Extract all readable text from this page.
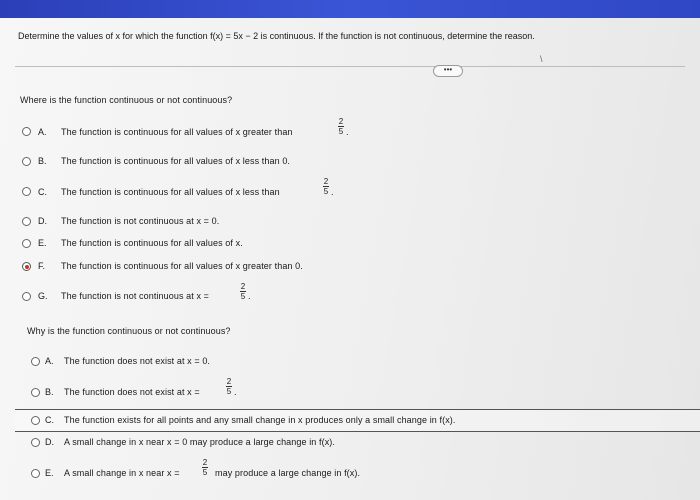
Determine the values of x for which the function f(x) = 5x − 2 is continuous. If the function is not continuous, determine the reason.
•••
\
Where is the function continuous or not continuous?
A. The function is continuous for all values of x greater than
2
5 .
B. The function is continuous for all values of x less than 0.
C. The function is continuous for all values of x less than
2
5 .
D. The function is not continuous at x = 0.
E. The function is continuous for all values of x.
F. The function is continuous for all values of x greater than 0.
G. The function is not continuous at x =
2
5 .
Why is the function continuous or not continuous?
A. The function does not exist at x = 0.
B. The function does not exist at x =
2
5 .
C. The function exists for all points and any small change in x produces only a small change in f(x).
D. A small change in x near x = 0 may produce a large change in f(x).
E. A small change in x near x =
2
5 may produce a large change in f(x).
